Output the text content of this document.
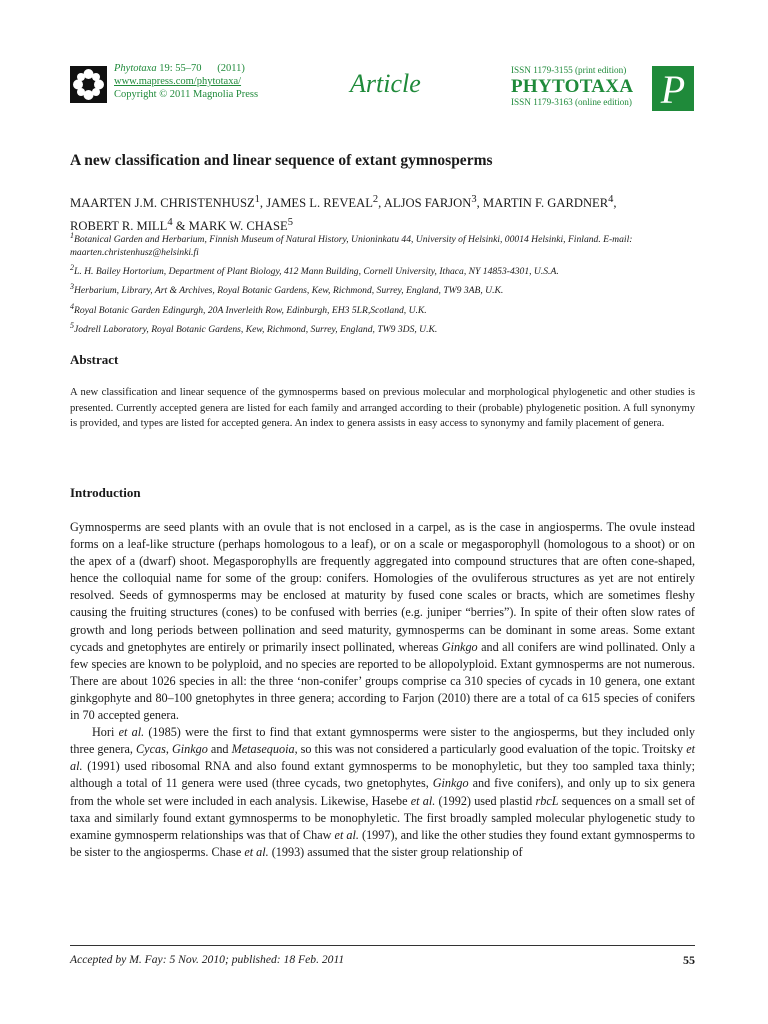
Phytotaxa 19: 55–70      (2011)
www.mapress.com/phytotaxa/
Copyright © 2011 Magnolia Press	Article	ISSN 1179-3155 (print edition)
PHYTOTAXA
ISSN 1179-3163 (online edition) P
A new classification and linear sequence of extant gymnosperms
MAARTEN J.M. CHRISTENHUSZ$^1$, JAMES L. REVEAL$^2$, ALJOS FARJON$^3$, MARTIN F. GARDNER$^4$,
ROBERT R. MILL$^4$ & MARK W. CHASE$^5$
$^1$Botanical Garden and Herbarium, Finnish Museum of Natural History, Unioninkatu 44, University of Helsinki, 00014 Helsinki, Finland. E-mail: maarten.christenhusz@helsinki.fi
$^2$L. H. Bailey Hortorium, Department of Plant Biology, 412 Mann Building, Cornell University, Ithaca, NY 14853-4301, U.S.A.
$^3$Herbarium, Library, Art & Archives, Royal Botanic Gardens, Kew, Richmond, Surrey, England, TW9 3AB, U.K.
$^4$Royal Botanic Garden Edingurgh, 20A Inverleith Row, Edinburgh, EH3 5LR,Scotland, U.K.
$^5$Jodrell Laboratory, Royal Botanic Gardens, Kew, Richmond, Surrey, England, TW9 3DS, U.K.
Abstract
A new classification and linear sequence of the gymnosperms based on previous molecular and morphological phylogenetic and other studies is presented. Currently accepted genera are listed for each family and arranged according to their (probable) phylogenetic position. A full synonymy is provided, and types are listed for accepted genera. An index to genera assists in easy access to synonymy and family placement of genera.
Introduction

Gymnosperms are seed plants with an ovule that is not enclosed in a carpel, as is the case in angiosperms. The ovule instead forms on a leaf-like structure (perhaps homologous to a leaf), or on a scale or megasporophyll (homologous to a shoot) or on the apex of a (dwarf) shoot. Megasporophylls are frequently aggregated into compound structures that are often cone-shaped, hence the colloquial name for some of the group: conifers. Homologies of the ovuliferous structures as yet are not entirely resolved. Seeds of gymnosperms may be enclosed at maturity by fused cone scales or bracts, which are sometimes fleshy causing the fruiting structures (cones) to be confused with berries (e.g. juniper “berries”). In spite of their often slow rates of growth and long periods between pollination and seed maturity, gymnosperms can be dominant in some areas. Some extant cycads and gnetophytes are entirely or primarily insect pollinated, whereas Ginkgo and all conifers are wind pollinated. Only a few species are known to be polyploid, and no species are reported to be allopolyploid. Extant gymnosperms are not numerous. There are about 1026 species in all: the three ‘non-conifer’ groups comprise ca 310 species of cycads in 10 genera, one extant ginkgophyte and 80–100 gnetophytes in three genera; according to Farjon (2010) there are a total of ca 615 species of conifers in 70 accepted genera.

Hori et al. (1985) were the first to find that extant gymnosperms were sister to the angiosperms, but they included only three genera, Cycas, Ginkgo and Metasequoia, so this was not considered a particularly good evaluation of the topic. Troitsky et al. (1991) used ribosomal RNA and also found extant gymnosperms to be monophyletic, but they too sampled taxa thinly; although a total of 11 genera were used (three cycads, two gnetophytes, Ginkgo and five conifers), and only up to six genera from the whole set were included in each analysis. Likewise, Hasebe et al. (1992) used plastid rbcL sequences on a small set of taxa and similarly found extant gymnosperms to be monophyletic. The first broadly sampled molecular phylogenetic study to examine gymnosperm relationships was that of Chaw et al. (1997), and like the other studies they found extant gymnosperms to be sister to the angiosperms. Chase et al. (1993) assumed that the sister group relationship of

Accepted by M. Fay: 5 Nov. 2010; published: 18 Feb. 2011	55
